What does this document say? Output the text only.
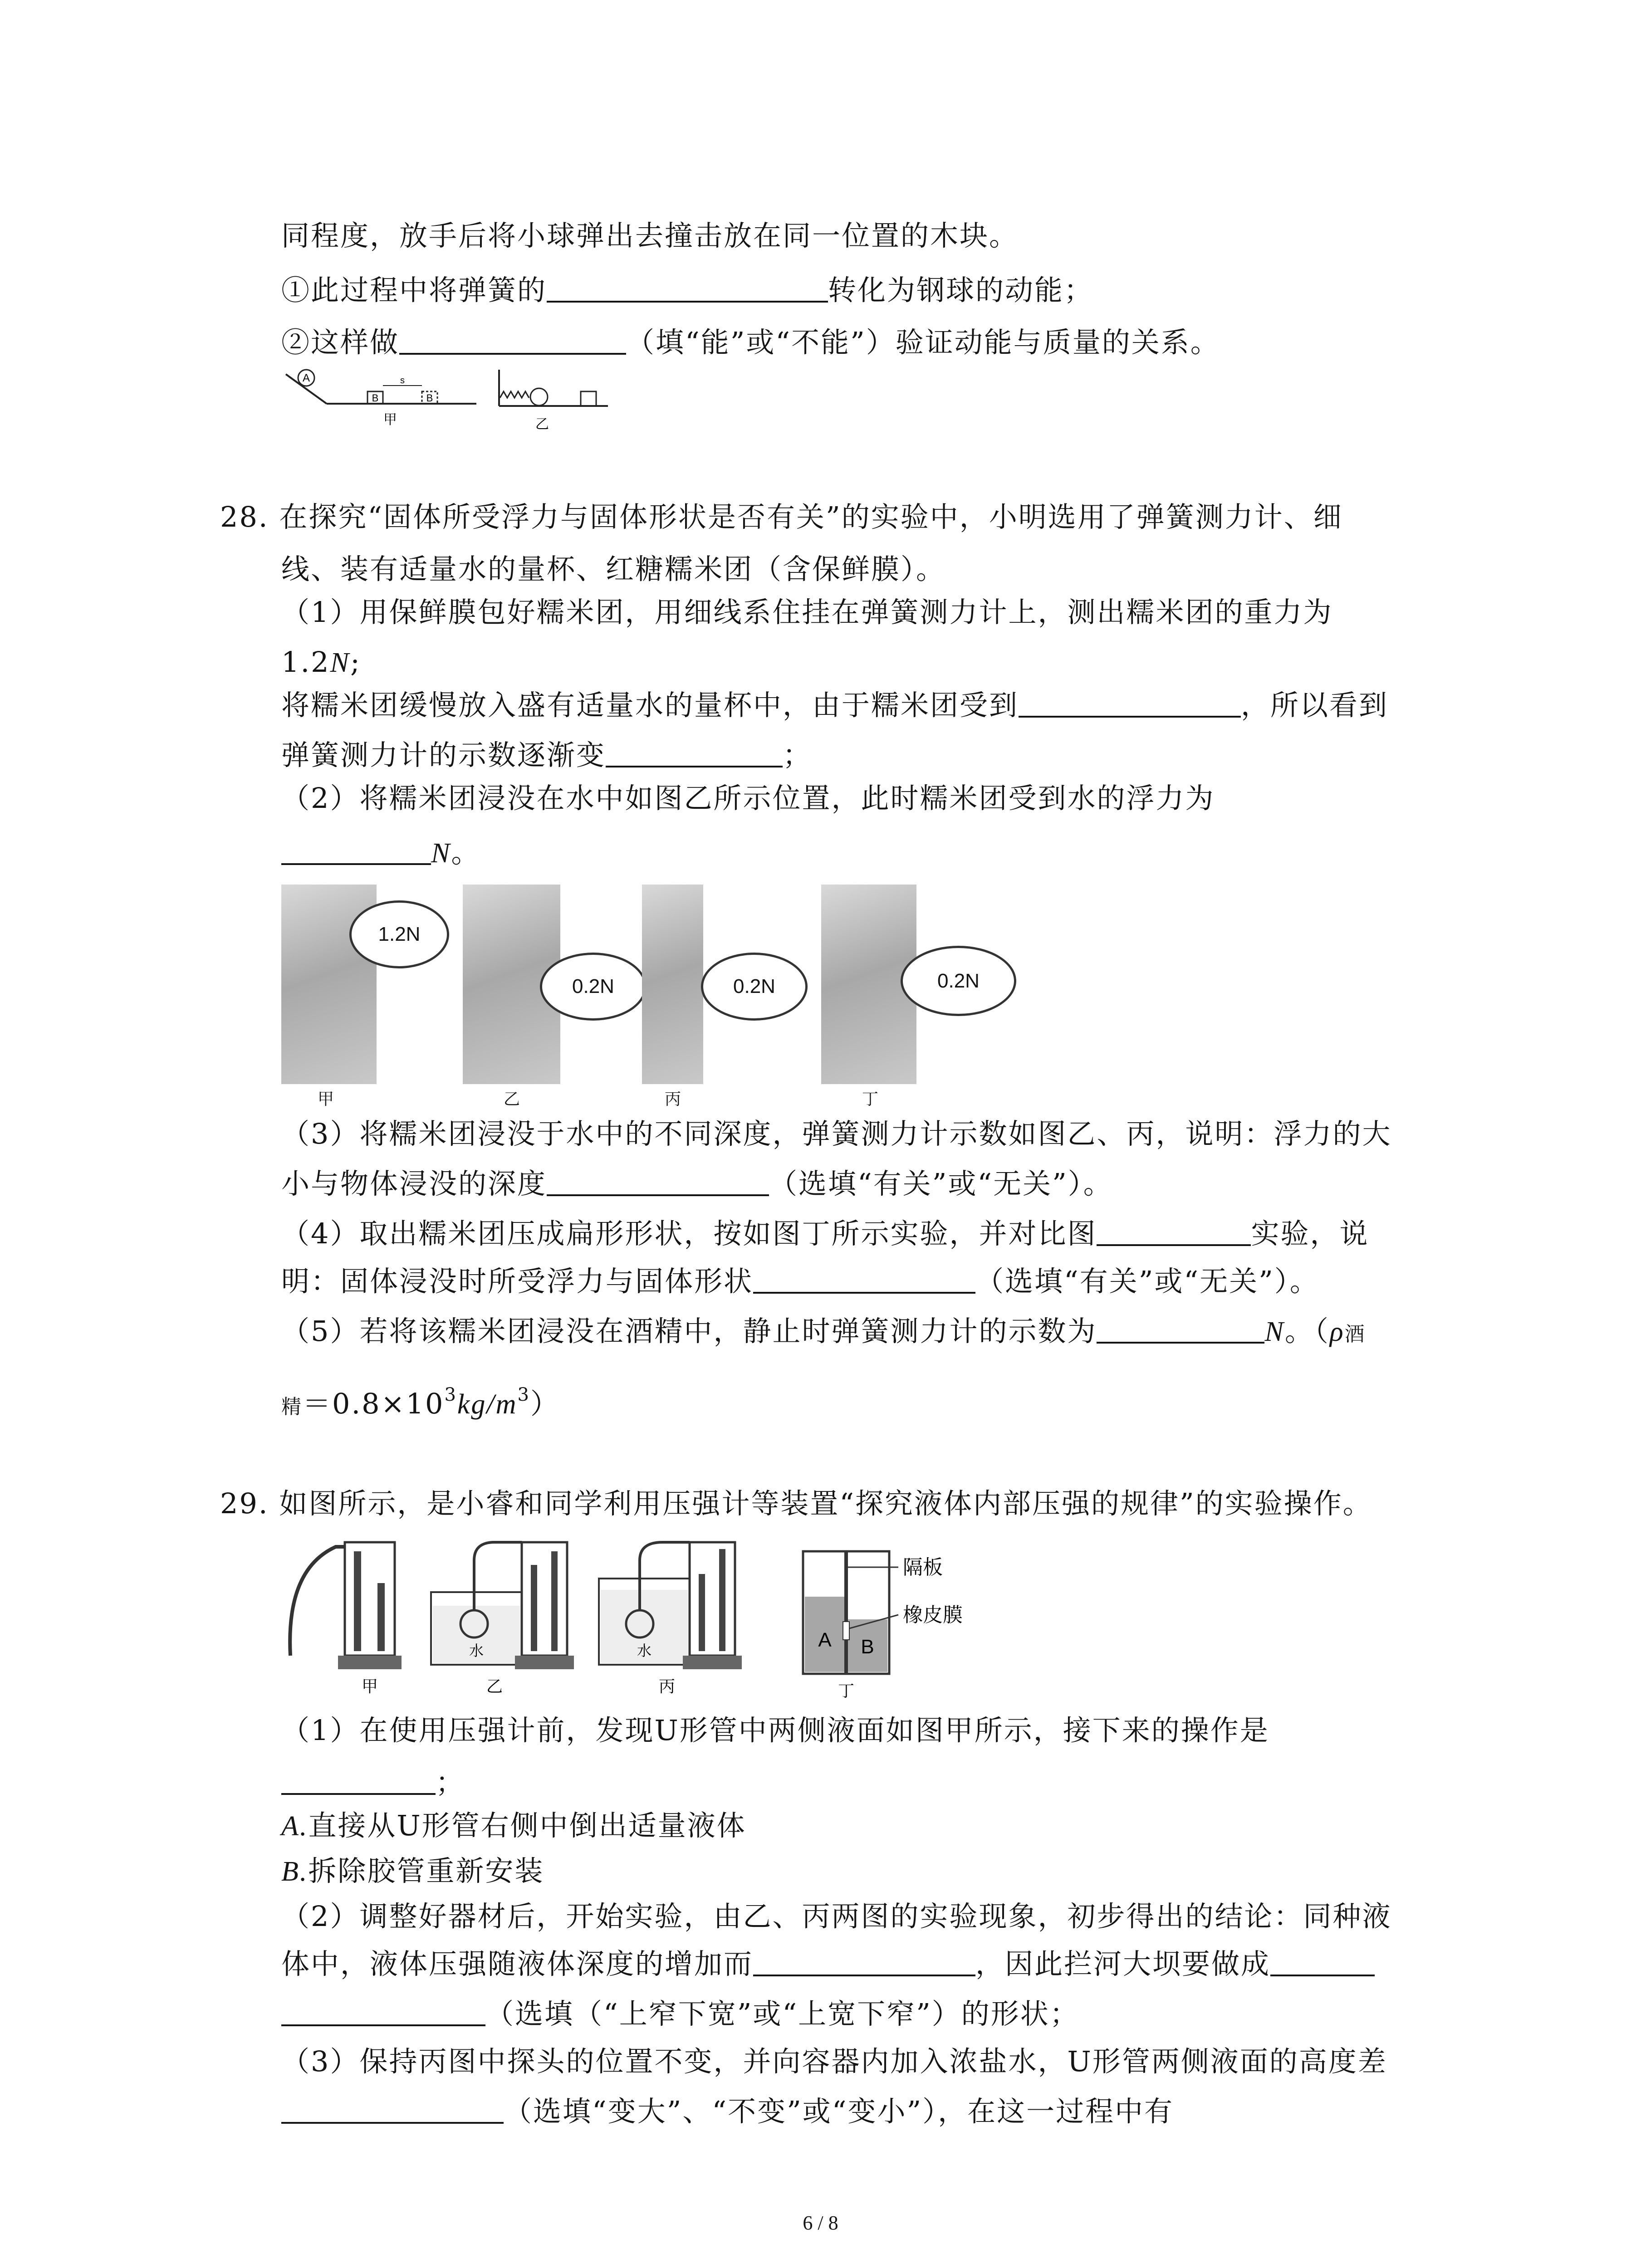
同程度，放手后将小球弹出去撞击放在同一位置的木块。
①此过程中将弹簧的	转化为钢球的动能；
②这样做	（填“能”或“不能”）验证动能与质量的关系。
A
B	B
s
甲	乙
28. 在探究“固体所受浮力与固体形状是否有关”的实验中，小明选用了弹簧测力计、细
线、装有适量水的量杯、红糖糯米团（含保鲜膜）。
（1）用保鲜膜包好糯米团，用细线系住挂在弹簧测力计上，测出糯米团的重力为
1.2N;
将糯米团缓慢放入盛有适量水的量杯中，由于糯米团受到	，所以看到
弹簧测力计的示数逐渐变	；
（2）将糯米团浸没在水中如图乙所示位置，此时糯米团受到水的浮力为
N。
1.2N
甲
0.2N
乙
0.2N
丙
0.2N
丁
（3）将糯米团浸没于水中的不同深度，弹簧测力计示数如图乙、丙，说明：浮力的大
小与物体浸没的深度	（选填“有关”或“无关”）。
（4）取出糯米团压成扁形形状，按如图丁所示实验，并对比图	实验，说
明：固体浸没时所受浮力与固体形状	（选填“有关”或“无关”）。
（5）若将该糯米团浸没在酒精中，静止时弹簧测力计的示数为	N。（ρ酒
精$=0.8\times 10^3kg/m^3$）
29. 如图所示，是小睿和同学利用压强计等装置“探究液体内部压强的规律”的实验操作。
甲
水
乙
水
丙
A B
隔板
橡皮膜
丁
（1）在使用压强计前，发现U形管中两侧液面如图甲所示，接下来的操作是
；
A.直接从U形管右侧中倒出适量液体
B.拆除胶管重新安装
（2）调整好器材后，开始实验，由乙、丙两图的实验现象，初步得出的结论：同种液
体中，液体压强随液体深度的增加而	，因此拦河大坝要做成
（选填（“上窄下宽”或“上宽下窄”）的形状；
（3）保持丙图中探头的位置不变，并向容器内加入浓盐水，U形管两侧液面的高度差
（选填“变大”、“不变”或“变小”），在这一过程中有
6 / 8
